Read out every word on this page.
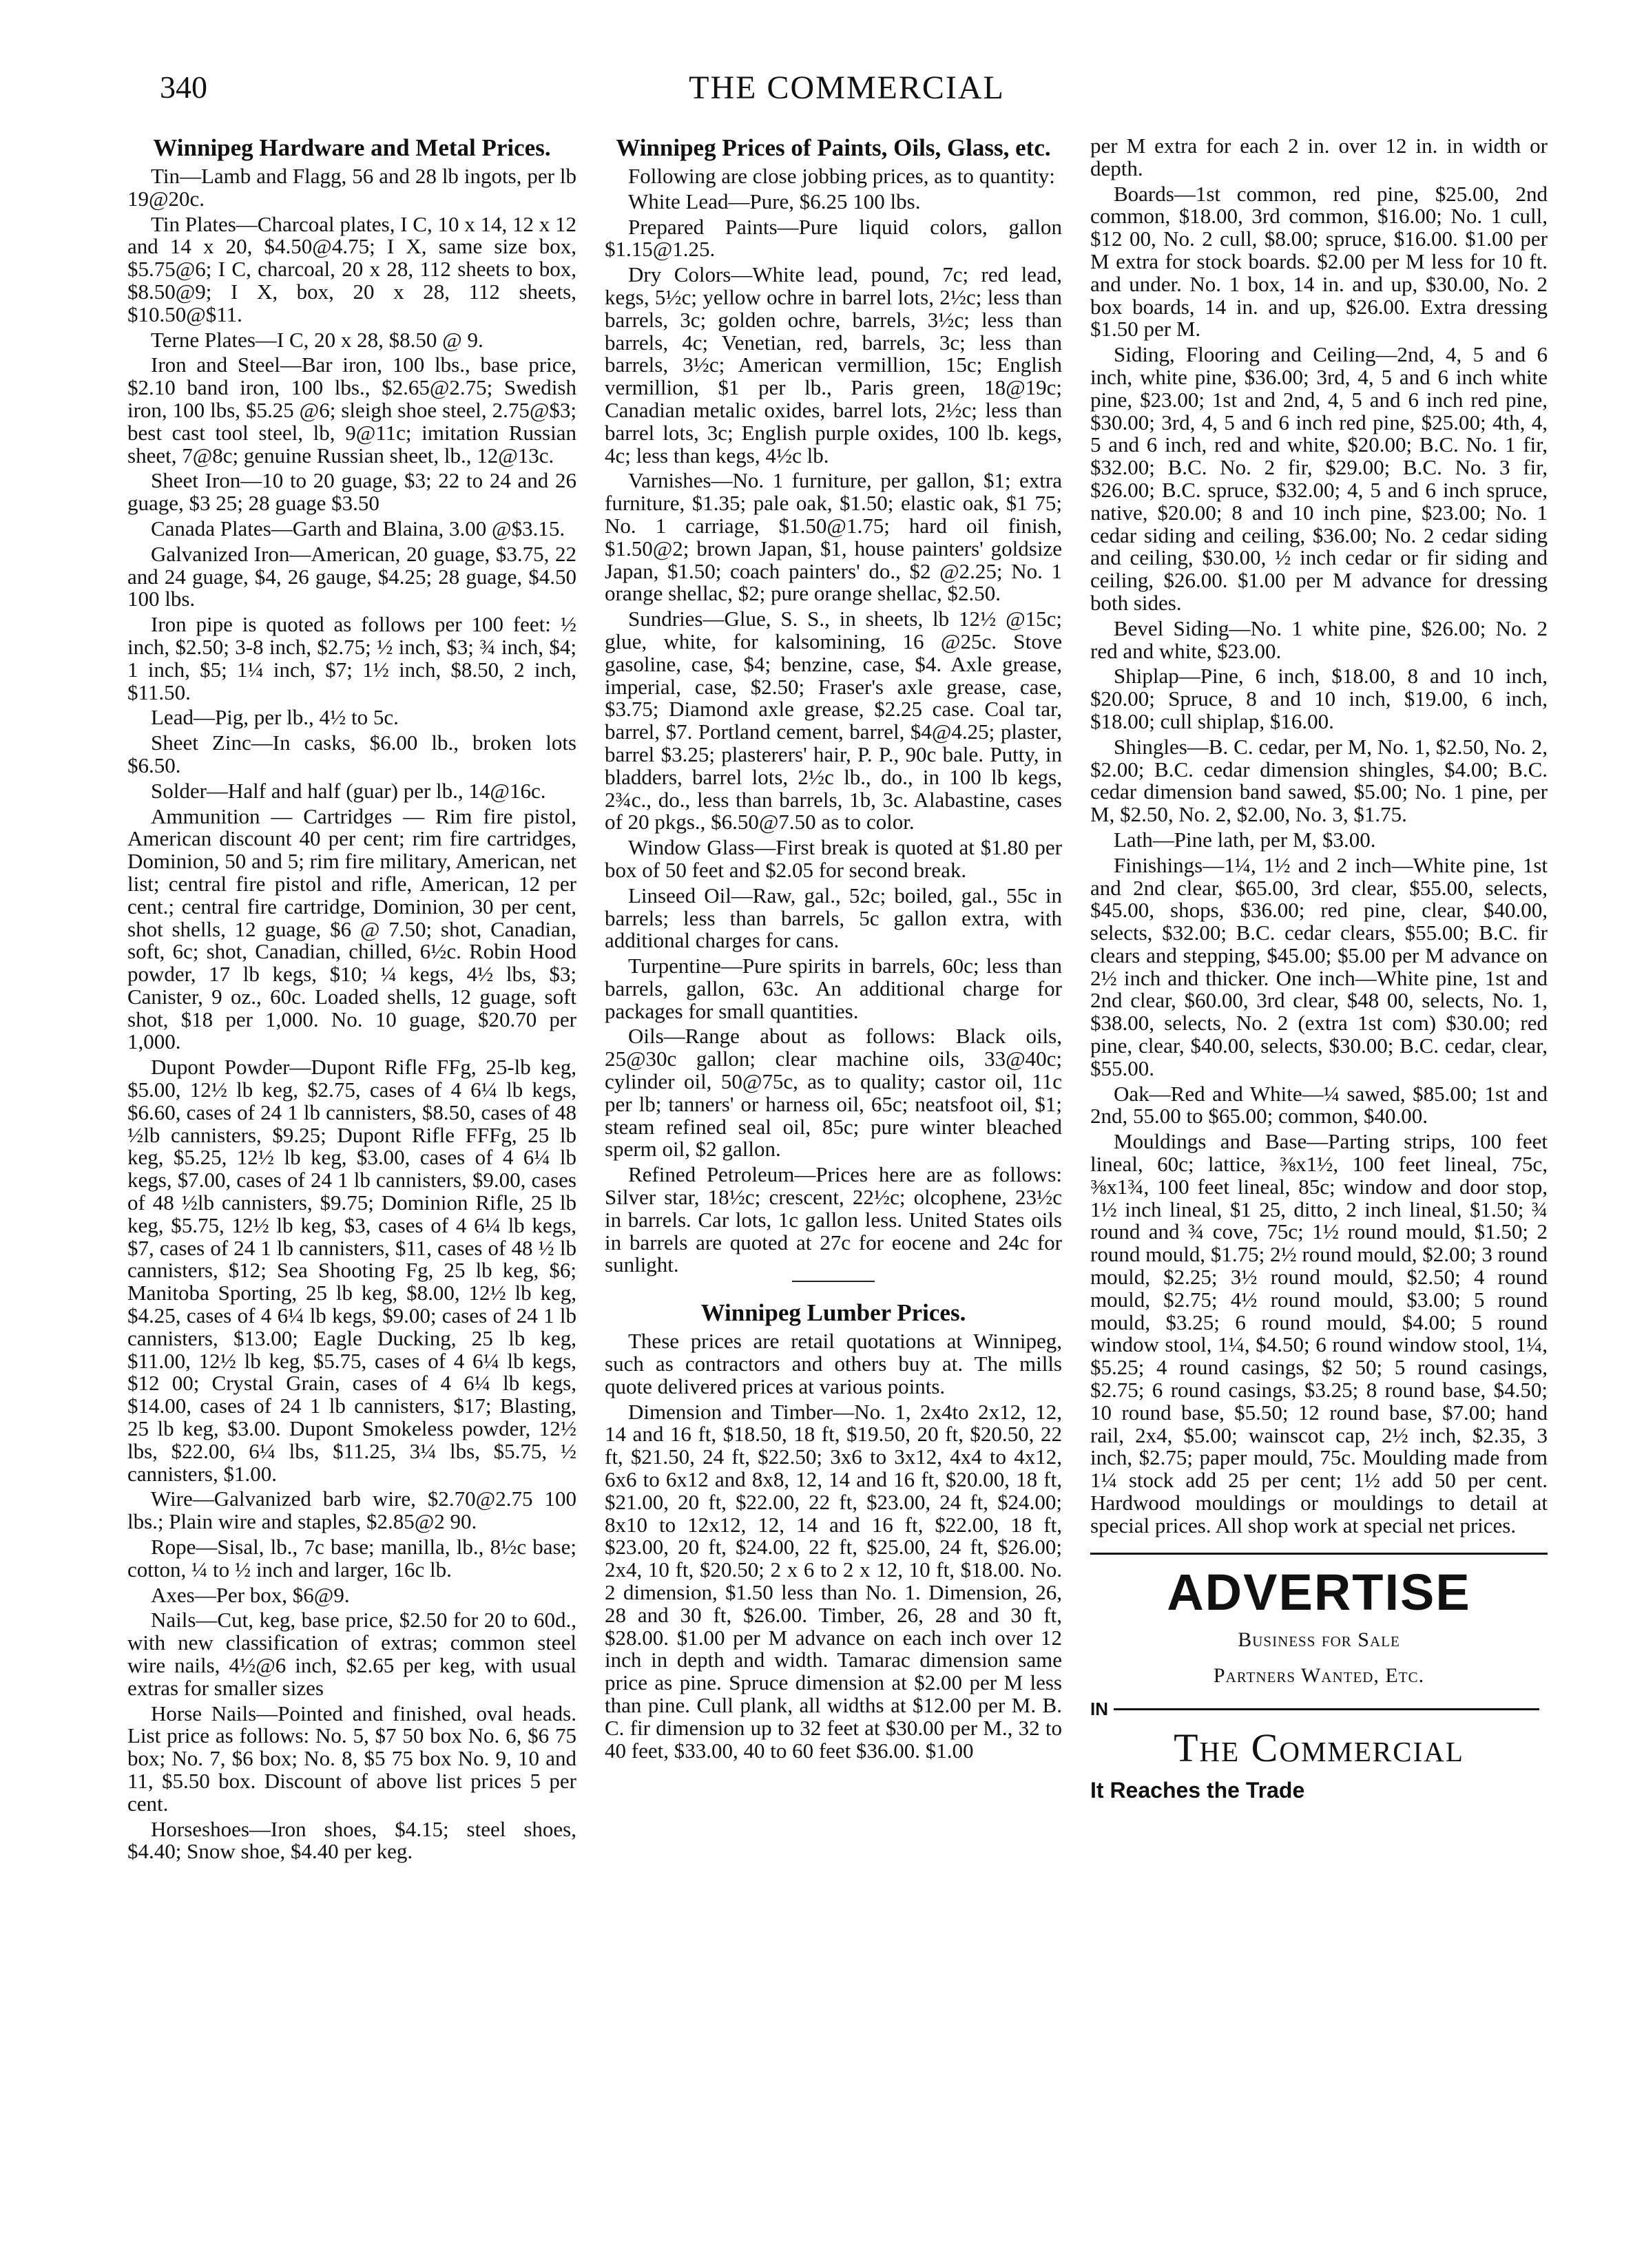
340	THE COMMERCIAL
Winnipeg Hardware and Metal Prices.

Tin—Lamb and Flagg, 56 and 28 lb ingots, per lb 19@20c.

Tin Plates—Charcoal plates, I C, 10 x 14, 12 x 12 and 14 x 20, $4.50@4.75; I X, same size box, $5.75@6; I C, charcoal, 20 x 28, 112 sheets to box, $8.50@9; I X, box, 20 x 28, 112 sheets, $10.50@$11.

Terne Plates—I C, 20 x 28, $8.50 @ 9.

Iron and Steel—Bar iron, 100 lbs., base price, $2.10 band iron, 100 lbs., $2.65@2.75; Swedish iron, 100 lbs, $5.25 @6; sleigh shoe steel, 2.75@$3; best cast tool steel, lb, 9@11c; imitation Russian sheet, 7@8c; genuine Russian sheet, lb., 12@13c.

Sheet Iron—10 to 20 guage, $3; 22 to 24 and 26 guage, $3 25; 28 guage $3.50

Canada Plates—Garth and Blaina, 3.00 @$3.15.

Galvanized Iron—American, 20 guage, $3.75, 22 and 24 guage, $4, 26 gauge, $4.25; 28 guage, $4.50 100 lbs.

Iron pipe is quoted as follows per 100 feet: ½ inch, $2.50; 3-8 inch, $2.75; ½ inch, $3; ¾ inch, $4; 1 inch, $5; 1¼ inch, $7; 1½ inch, $8.50, 2 inch, $11.50.

Lead—Pig, per lb., 4½ to 5c.

Sheet Zinc—In casks, $6.00 lb., broken lots $6.50.

Solder—Half and half (guar) per lb., 14@16c.

Ammunition — Cartridges — Rim fire pistol, American discount 40 per cent; rim fire cartridges, Dominion, 50 and 5; rim fire military, American, net list; central fire pistol and rifle, American, 12 per cent.; central fire cartridge, Dominion, 30 per cent, shot shells, 12 guage, $6 @ 7.50; shot, Canadian, soft, 6c; shot, Canadian, chilled, 6½c. Robin Hood powder, 17 lb kegs, $10; ¼ kegs, 4½ lbs, $3; Canister, 9 oz., 60c. Loaded shells, 12 guage, soft shot, $18 per 1,000. No. 10 guage, $20.70 per 1,000.

Dupont Powder—Dupont Rifle FFg, 25-lb keg, $5.00, 12½ lb keg, $2.75, cases of 4 6¼ lb kegs, $6.60, cases of 24 1 lb cannisters, $8.50, cases of 48 ½lb cannisters, $9.25; Dupont Rifle FFFg, 25 lb keg, $5.25, 12½ lb keg, $3.00, cases of 4 6¼ lb kegs, $7.00, cases of 24 1 lb cannisters, $9.00, cases of 48 ½lb cannisters, $9.75; Dominion Rifle, 25 lb keg, $5.75, 12½ lb keg, $3, cases of 4 6¼ lb kegs, $7, cases of 24 1 lb cannisters, $11, cases of 48 ½ lb cannisters, $12; Sea Shooting Fg, 25 lb keg, $6; Manitoba Sporting, 25 lb keg, $8.00, 12½ lb keg, $4.25, cases of 4 6¼ lb kegs, $9.00; cases of 24 1 lb cannisters, $13.00; Eagle Ducking, 25 lb keg, $11.00, 12½ lb keg, $5.75, cases of 4 6¼ lb kegs, $12 00; Crystal Grain, cases of 4 6¼ lb kegs, $14.00, cases of 24 1 lb cannisters, $17; Blasting, 25 lb keg, $3.00. Dupont Smokeless powder, 12½ lbs, $22.00, 6¼ lbs, $11.25, 3¼ lbs, $5.75, ½ cannisters, $1.00.

Wire—Galvanized barb wire, $2.70@2.75 100 lbs.; Plain wire and staples, $2.85@2 90.

Rope—Sisal, lb., 7c base; manilla, lb., 8½c base; cotton, ¼ to ½ inch and larger, 16c lb.

Axes—Per box, $6@9.

Nails—Cut, keg, base price, $2.50 for 20 to 60d., with new classification of extras; common steel wire nails, 4½@6 inch, $2.65 per keg, with usual extras for smaller sizes

Horse Nails—Pointed and finished, oval heads. List price as follows: No. 5, $7 50 box No. 6, $6 75 box; No. 7, $6 box; No. 8, $5 75 box No. 9, 10 and 11, $5.50 box. Discount of above list prices 5 per cent.

Horseshoes—Iron shoes, $4.15; steel shoes, $4.40; Snow shoe, $4.40 per keg.

Winnipeg Prices of Paints, Oils, Glass, etc.

Following are close jobbing prices, as to quantity:

White Lead—Pure, $6.25 100 lbs.

Prepared Paints—Pure liquid colors, gallon $1.15@1.25.

Dry Colors—White lead, pound, 7c; red lead, kegs, 5½c; yellow ochre in barrel lots, 2½c; less than barrels, 3c; golden ochre, barrels, 3½c; less than barrels, 4c; Venetian, red, barrels, 3c; less than barrels, 3½c; American vermillion, 15c; English vermillion, $1 per lb., Paris green, 18@19c; Canadian metalic oxides, barrel lots, 2½c; less than barrel lots, 3c; English purple oxides, 100 lb. kegs, 4c; less than kegs, 4½c lb.

Varnishes—No. 1 furniture, per gallon, $1; extra furniture, $1.35; pale oak, $1.50; elastic oak, $1 75; No. 1 carriage, $1.50@1.75; hard oil finish, $1.50@2; brown Japan, $1, house painters' goldsize Japan, $1.50; coach painters' do., $2 @2.25; No. 1 orange shellac, $2; pure orange shellac, $2.50.

Sundries—Glue, S. S., in sheets, lb 12½ @15c; glue, white, for kalsomining, 16 @25c. Stove gasoline, case, $4; benzine, case, $4. Axle grease, imperial, case, $2.50; Fraser's axle grease, case, $3.75; Diamond axle grease, $2.25 case. Coal tar, barrel, $7. Portland cement, barrel, $4@4.25; plaster, barrel $3.25; plasterers' hair, P. P., 90c bale. Putty, in bladders, barrel lots, 2½c lb., do., in 100 lb kegs, 2¾c., do., less than barrels, 1b, 3c. Alabastine, cases of 20 pkgs., $6.50@7.50 as to color.

Window Glass—First break is quoted at $1.80 per box of 50 feet and $2.05 for second break.

Linseed Oil—Raw, gal., 52c; boiled, gal., 55c in barrels; less than barrels, 5c gallon extra, with additional charges for cans.

Turpentine—Pure spirits in barrels, 60c; less than barrels, gallon, 63c. An additional charge for packages for small quantities.

Oils—Range about as follows: Black oils, 25@30c gallon; clear machine oils, 33@40c; cylinder oil, 50@75c, as to quality; castor oil, 11c per lb; tanners' or harness oil, 65c; neatsfoot oil, $1; steam refined seal oil, 85c; pure winter bleached sperm oil, $2 gallon.

Refined Petroleum—Prices here are as follows: Silver star, 18½c; crescent, 22½c; olcophene, 23½c in barrels. Car lots, 1c gallon less. United States oils in barrels are quoted at 27c for eocene and 24c for sunlight.

Winnipeg Lumber Prices.

These prices are retail quotations at Winnipeg, such as contractors and others buy at. The mills quote delivered prices at various points.

Dimension and Timber—No. 1, 2x4to 2x12, 12, 14 and 16 ft, $18.50, 18 ft, $19.50, 20 ft, $20.50, 22 ft, $21.50, 24 ft, $22.50; 3x6 to 3x12, 4x4 to 4x12, 6x6 to 6x12 and 8x8, 12, 14 and 16 ft, $20.00, 18 ft, $21.00, 20 ft, $22.00, 22 ft, $23.00, 24 ft, $24.00; 8x10 to 12x12, 12, 14 and 16 ft, $22.00, 18 ft, $23.00, 20 ft, $24.00, 22 ft, $25.00, 24 ft, $26.00; 2x4, 10 ft, $20.50; 2 x 6 to 2 x 12, 10 ft, $18.00. No. 2 dimension, $1.50 less than No. 1. Dimension, 26, 28 and 30 ft, $26.00. Timber, 26, 28 and 30 ft, $28.00. $1.00 per M advance on each inch over 12 inch in depth and width. Tamarac dimension same price as pine. Spruce dimension at $2.00 per M less than pine. Cull plank, all widths at $12.00 per M. B. C. fir dimension up to 32 feet at $30.00 per M., 32 to 40 feet, $33.00, 40 to 60 feet $36.00. $1.00

per M extra for each 2 in. over 12 in. in width or depth.

Boards—1st common, red pine, $25.00, 2nd common, $18.00, 3rd common, $16.00; No. 1 cull, $12 00, No. 2 cull, $8.00; spruce, $16.00. $1.00 per M extra for stock boards. $2.00 per M less for 10 ft. and under. No. 1 box, 14 in. and up, $30.00, No. 2 box boards, 14 in. and up, $26.00. Extra dressing $1.50 per M.

Siding, Flooring and Ceiling—2nd, 4, 5 and 6 inch, white pine, $36.00; 3rd, 4, 5 and 6 inch white pine, $23.00; 1st and 2nd, 4, 5 and 6 inch red pine, $30.00; 3rd, 4, 5 and 6 inch red pine, $25.00; 4th, 4, 5 and 6 inch, red and white, $20.00; B.C. No. 1 fir, $32.00; B.C. No. 2 fir, $29.00; B.C. No. 3 fir, $26.00; B.C. spruce, $32.00; 4, 5 and 6 inch spruce, native, $20.00; 8 and 10 inch pine, $23.00; No. 1 cedar siding and ceiling, $36.00; No. 2 cedar siding and ceiling, $30.00, ½ inch cedar or fir siding and ceiling, $26.00. $1.00 per M advance for dressing both sides.

Bevel Siding—No. 1 white pine, $26.00; No. 2 red and white, $23.00.

Shiplap—Pine, 6 inch, $18.00, 8 and 10 inch, $20.00; Spruce, 8 and 10 inch, $19.00, 6 inch, $18.00; cull shiplap, $16.00.

Shingles—B. C. cedar, per M, No. 1, $2.50, No. 2, $2.00; B.C. cedar dimension shingles, $4.00; B.C. cedar dimension band sawed, $5.00; No. 1 pine, per M, $2.50, No. 2, $2.00, No. 3, $1.75.

Lath—Pine lath, per M, $3.00.

Finishings—1¼, 1½ and 2 inch—White pine, 1st and 2nd clear, $65.00, 3rd clear, $55.00, selects, $45.00, shops, $36.00; red pine, clear, $40.00, selects, $32.00; B.C. cedar clears, $55.00; B.C. fir clears and stepping, $45.00; $5.00 per M advance on 2½ inch and thicker. One inch—White pine, 1st and 2nd clear, $60.00, 3rd clear, $48 00, selects, No. 1, $38.00, selects, No. 2 (extra 1st com) $30.00; red pine, clear, $40.00, selects, $30.00; B.C. cedar, clear, $55.00.

Oak—Red and White—¼ sawed, $85.00; 1st and 2nd, 55.00 to $65.00; common, $40.00.

Mouldings and Base—Parting strips, 100 feet lineal, 60c; lattice, ⅜x1½, 100 feet lineal, 75c, ⅜x1¾, 100 feet lineal, 85c; window and door stop, 1½ inch lineal, $1 25, ditto, 2 inch lineal, $1.50; ¾ round and ¾ cove, 75c; 1½ round mould, $1.50; 2 round mould, $1.75; 2½ round mould, $2.00; 3 round mould, $2.25; 3½ round mould, $2.50; 4 round mould, $2.75; 4½ round mould, $3.00; 5 round mould, $3.25; 6 round mould, $4.00; 5 round window stool, 1¼, $4.50; 6 round window stool, 1¼, $5.25; 4 round casings, $2 50; 5 round casings, $2.75; 6 round casings, $3.25; 8 round base, $4.50; 10 round base, $5.50; 12 round base, $7.00; hand rail, 2x4, $5.00; wainscot cap, 2½ inch, $2.35, 3 inch, $2.75; paper mould, 75c. Moulding made from 1¼ stock add 25 per cent; 1½ add 50 per cent. Hardwood mouldings or mouldings to detail at special prices. All shop work at special net prices.

ADVERTISE
Business for Sale
Partners Wanted, Etc.
IN
The Commercial
It Reaches the Trade
